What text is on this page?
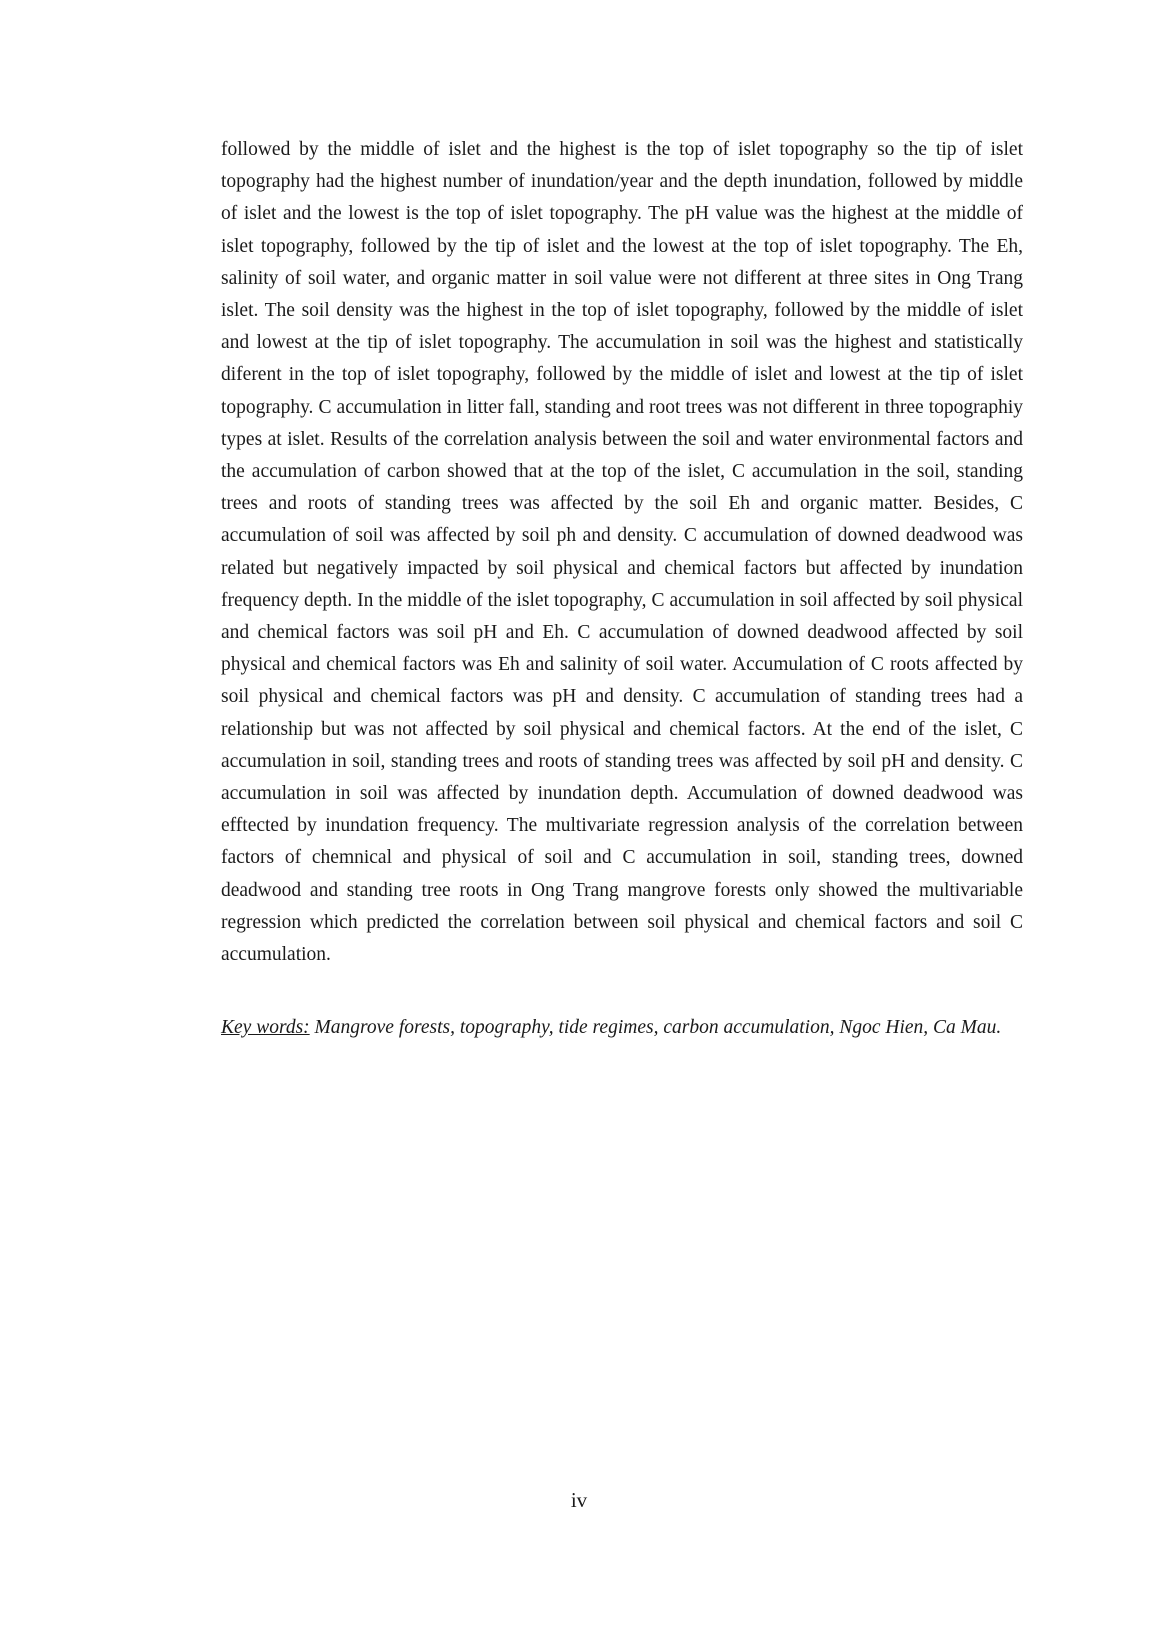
followed by the middle of islet and the highest is the top of islet topography so the tip of islet topography had the highest number of inundation/year and the depth inundation, followed by middle of islet and the lowest is the top of islet topography. The pH value was the highest at the middle of islet topography, followed by the tip of islet and the lowest at the top of islet topography. The Eh, salinity of soil water, and organic matter in soil value were not different at three sites in Ong Trang islet. The soil density was the highest in the top of islet topography, followed by the middle of islet and lowest at the tip of islet topography. The accumulation in soil was the highest and statistically diferent in the top of islet topography, followed by the middle of islet and lowest at the tip of islet topography. C accumulation in litter fall, standing and root trees was not different in three topographiy types at islet. Results of the correlation analysis between the soil and water environmental factors and the accumulation of carbon showed that at the top of the islet, C accumulation in the soil, standing trees and roots of standing trees was affected by the soil Eh and organic matter. Besides, C accumulation of soil was affected by soil ph and density. C accumulation of downed deadwood was related but negatively impacted by soil physical and chemical factors but affected by inundation frequency depth. In the middle of the islet topography, C accumulation in soil affected by soil physical and chemical factors was soil pH and Eh. C accumulation of downed deadwood affected by soil physical and chemical factors was Eh and salinity of soil water. Accumulation of C roots affected by soil physical and chemical factors was pH and density. C accumulation of standing trees had a relationship but was not affected by soil physical and chemical factors. At the end of the islet, C accumulation in soil, standing trees and roots of standing trees was affected by soil pH and density. C accumulation in soil was affected by inundation depth. Accumulation of downed deadwood was efftected by inundation frequency. The multivariate regression analysis of the correlation between factors of chemnical and physical of soil and C accumulation in soil, standing trees, downed deadwood and standing tree roots in Ong Trang mangrove forests only showed the multivariable regression which predicted the correlation between soil physical and chemical factors and soil C accumulation.

Key words: Mangrove forests, topography, tide regimes, carbon accumulation, Ngoc Hien, Ca Mau.

iv
